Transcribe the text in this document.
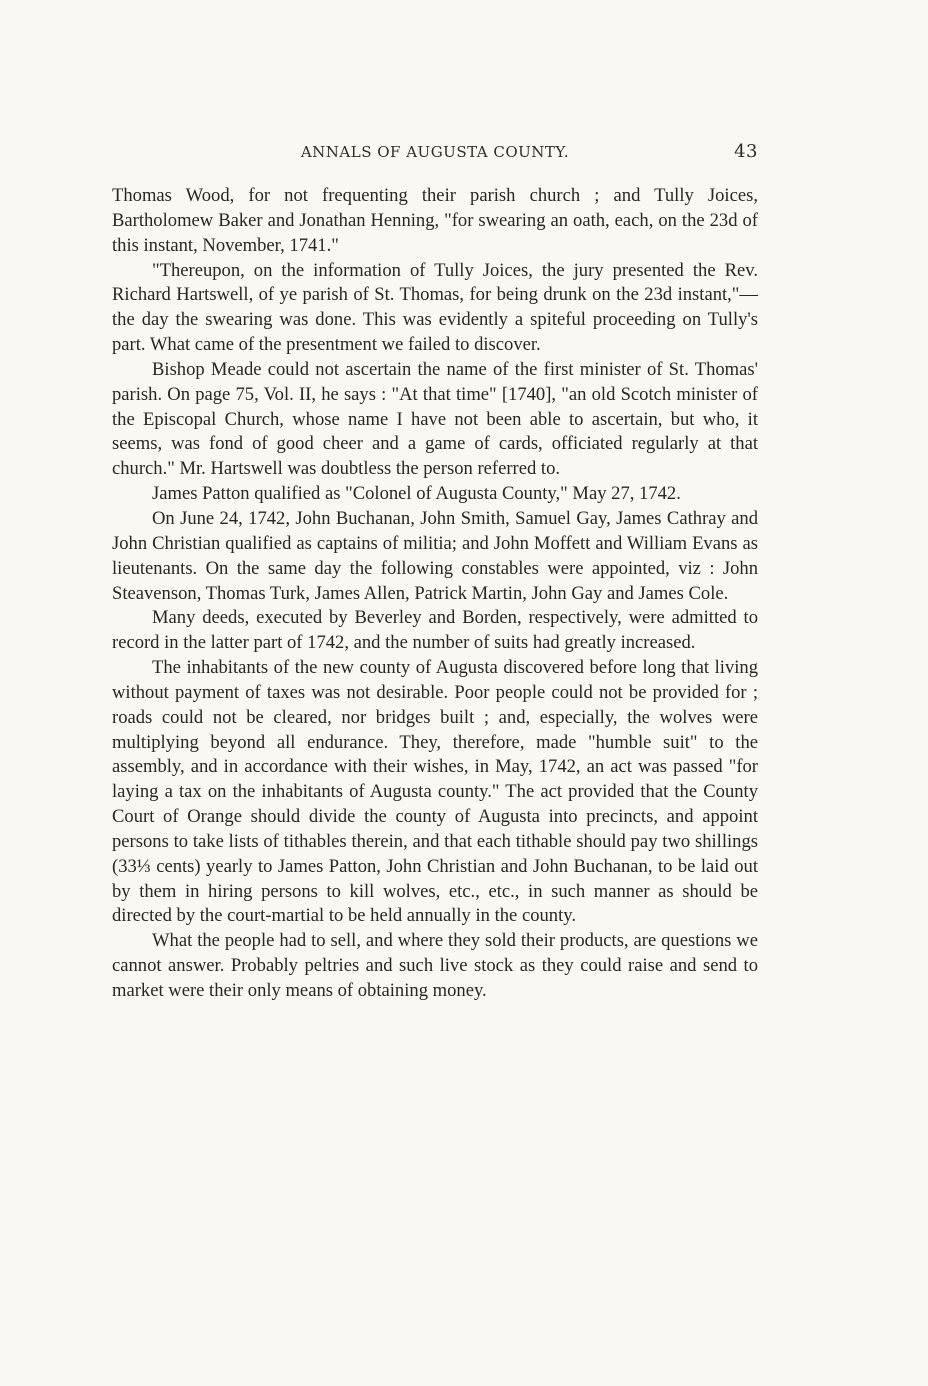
ANNALS OF AUGUSTA COUNTY.	43

Thomas Wood, for not frequenting their parish church ; and Tully Joices, Bartholomew Baker and Jonathan Henning, "for swearing an oath, each, on the 23d of this instant, November, 1741."

"Thereupon, on the information of Tully Joices, the jury presented the Rev. Richard Hartswell, of ye parish of St. Thomas, for being drunk on the 23d instant,"—the day the swearing was done. This was evidently a spiteful proceeding on Tully's part. What came of the presentment we failed to discover.

Bishop Meade could not ascertain the name of the first minister of St. Thomas' parish. On page 75, Vol. II, he says : "At that time" [1740], "an old Scotch minister of the Episcopal Church, whose name I have not been able to ascertain, but who, it seems, was fond of good cheer and a game of cards, officiated regularly at that church." Mr. Hartswell was doubtless the person referred to.

James Patton qualified as "Colonel of Augusta County," May 27, 1742.

On June 24, 1742, John Buchanan, John Smith, Samuel Gay, James Cathray and John Christian qualified as captains of militia; and John Moffett and William Evans as lieutenants. On the same day the following constables were appointed, viz : John Steavenson, Thomas Turk, James Allen, Patrick Martin, John Gay and James Cole.

Many deeds, executed by Beverley and Borden, respectively, were admitted to record in the latter part of 1742, and the number of suits had greatly increased.

The inhabitants of the new county of Augusta discovered before long that living without payment of taxes was not desirable. Poor people could not be provided for ; roads could not be cleared, nor bridges built ; and, especially, the wolves were multiplying beyond all endurance. They, therefore, made "humble suit" to the assembly, and in accordance with their wishes, in May, 1742, an act was passed "for laying a tax on the inhabitants of Augusta county." The act provided that the County Court of Orange should divide the county of Augusta into precincts, and appoint persons to take lists of tithables therein, and that each tithable should pay two shillings (33⅓ cents) yearly to James Patton, John Christian and John Buchanan, to be laid out by them in hiring persons to kill wolves, etc., etc., in such manner as should be directed by the court-martial to be held annually in the county.

What the people had to sell, and where they sold their products, are questions we cannot answer. Probably peltries and such live stock as they could raise and send to market were their only means of obtaining money.
